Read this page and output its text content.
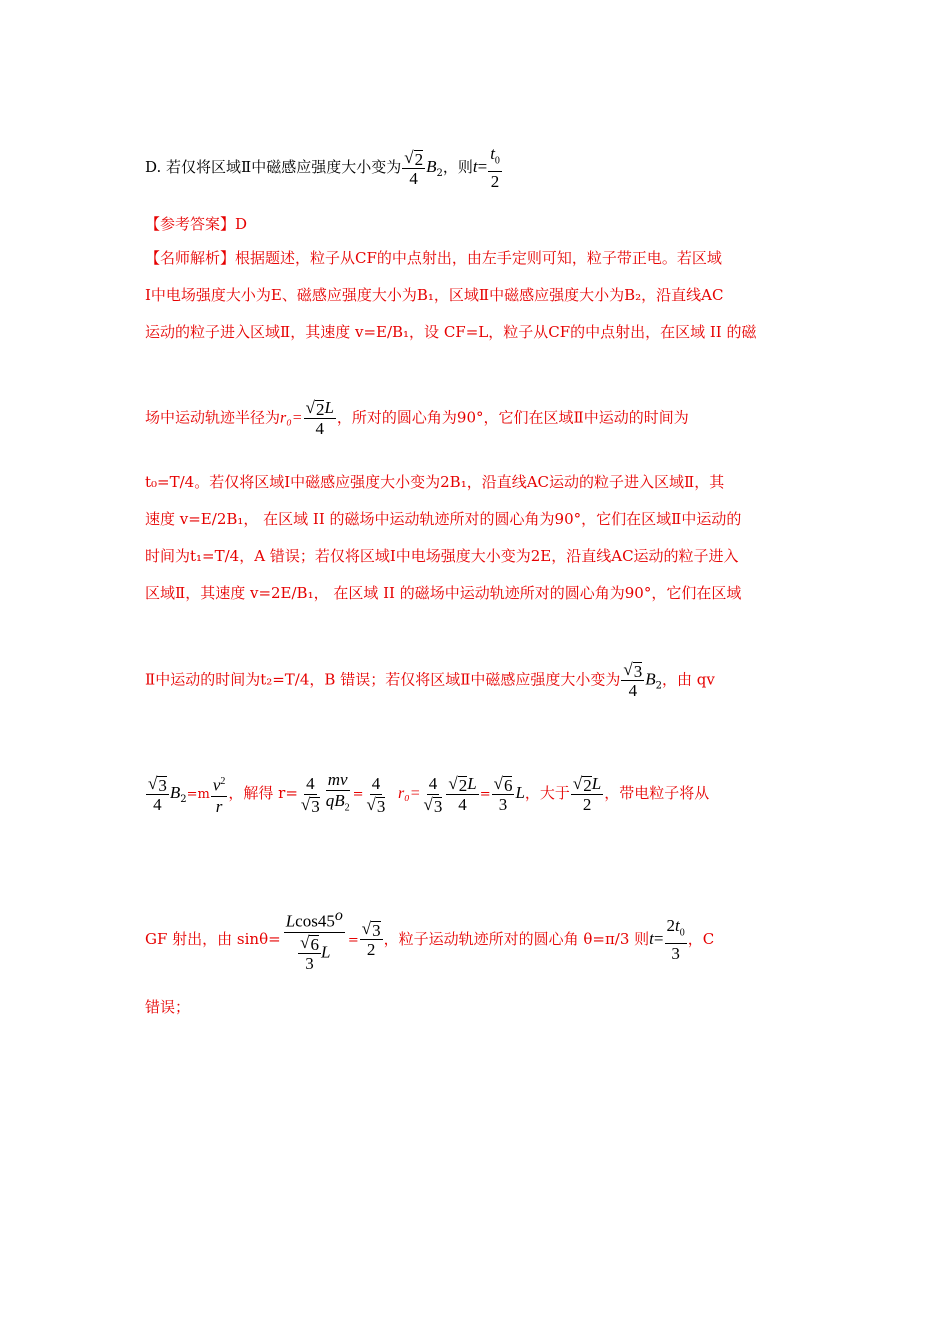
D. 若仅将区域Ⅱ中磁感应强度大小变为 $\frac{√ 2}{4} B_2$，则$t= \frac{t_0}{2}$
【参考答案】D
【名师解析】根据题述，粒子从CF的中点射出，由左手定则可知，粒子带正电。若区域
Ⅰ中电场强度大小为E、磁感应强度大小为B₁，区域Ⅱ中磁感应强度大小为B₂，沿直线AC
运动的粒子进入区域Ⅱ，其速度 v=E/B₁，设 CF=L，粒子从CF的中点射出，在区域 II 的磁
场中运动轨迹半径为$r_0= \frac{√ 2 L}{4}$ ，所对的圆心角为90°，它们在区域Ⅱ中运动的时间为
t₀=T/4。若仅将区域Ⅰ中磁感应强度大小变为2B₁，沿直线AC运动的粒子进入区域Ⅱ，其
速度 v=E/2B₁， 在区域 II 的磁场中运动轨迹所对的圆心角为90°，它们在区域Ⅱ中运动的
时间为t₁=T/4，A 错误；若仅将区域Ⅰ中电场强度大小变为2E，沿直线AC运动的粒子进入
区域Ⅱ，其速度 v=2E/B₁， 在区域 II 的磁场中运动轨迹所对的圆心角为90°，它们在区域
Ⅱ中运动的时间为t₂=T/4，B 错误；若仅将区域Ⅱ中磁感应强度大小变为 $\frac{√ 3}{4} B_2$，由 qv
$\frac{√ 3}{4} B_2=m \frac{v^2}{r}$ ，解得 $r= \frac{4}{√ 3} \frac{mv}{qB_2} = \frac{4}{√ 3} r_0= \frac{4}{√ 3} \frac{√ 2 L}{4} = \frac{√ 6}{3}$ L，大于 $\frac{√ 2 L}{2}$ ，带电粒子将从
GF 射出，由 $\sin\theta= \frac{Lcos45^o}{\frac{√ 6}{3} L} = \frac{√ 3}{2}$ ，粒子运动轨迹所对的圆心角 θ=π/3 则$t= \frac{2t_0}{3}$ ，C
错误；
